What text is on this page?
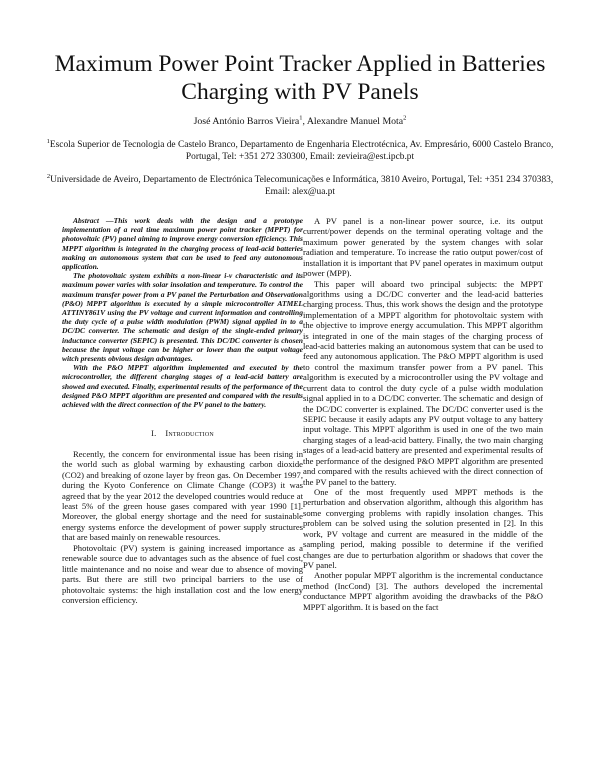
Maximum Power Point Tracker Applied in Batteries Charging with PV Panels
José António Barros Vieira$^1$, Alexandre Manuel Mota$^2$
$^1$Escola Superior de Tecnologia de Castelo Branco, Departamento de Engenharia Electrotécnica, Av. Empresário, 6000 Castelo Branco, Portugal, Tel: +351 272 330300, Email: zevieira@est.ipcb.pt
$^2$Universidade de Aveiro, Departamento de Electrónica Telecomunicações e Informática, 3810 Aveiro, Portugal, Tel: +351 234 370383, Email: alex@ua.pt

Abstract —This work deals with the design and a prototype implementation of a real time maximum power point tracker (MPPT) for photovoltaic (PV) panel aiming to improve energy conversion efficiency. This MPPT algorithm is integrated in the charging process of lead-acid batteries making an autonomous system that can be used to feed any autonomous application.

The photovoltaic system exhibits a non-linear i-v characteristic and its maximum power varies with solar insolation and temperature. To control the maximum transfer power from a PV panel the Perturbation and Observation (P&O) MPPT algorithm is executed by a simple microcontroller ATMEL ATTINY861V using the PV voltage and current information and controlling the duty cycle of a pulse width modulation (PWM) signal applied in to a DC/DC converter. The schematic and design of the single-ended primary inductance converter (SEPIC) is presented. This DC/DC converter is chosen because the input voltage can be higher or lower than the output voltage witch presents obvious design advantages.

With the P&O MPPT algorithm implemented and executed by the microcontroller, the different charging stages of a lead-acid battery are showed and executed. Finally, experimental results of the performance of the designed P&O MPPT algorithm are presented and compared with the results achieved with the direct connection of the PV panel to the battery.

I. Introduction

Recently, the concern for environmental issue has been rising in the world such as global warming by exhausting carbon dioxide (CO2) and breaking of ozone layer by freon gas. On December 1997, during the Kyoto Conference on Climate Change (COP3) it was agreed that by the year 2012 the developed countries would reduce at least 5% of the green house gases compared with year 1990 [1]. Moreover, the global energy shortage and the need for sustainable energy systems enforce the development of power supply structures that are based mainly on renewable resources.

Photovoltaic (PV) system is gaining increased importance as a renewable source due to advantages such as the absence of fuel cost, little maintenance and no noise and wear due to absence of moving parts. But there are still two principal barriers to the use of photovoltaic systems: the high installation cost and the low energy conversion efficiency.

A PV panel is a non-linear power source, i.e. its output current/power depends on the terminal operating voltage and the maximum power generated by the system changes with solar radiation and temperature. To increase the ratio output power/cost of installation it is important that PV panel operates in maximum output power (MPP).

This paper will aboard two principal subjects: the MPPT algorithms using a DC/DC converter and the lead-acid batteries charging process. Thus, this work shows the design and the prototype implementation of a MPPT algorithm for photovoltaic system with the objective to improve energy accumulation. This MPPT algorithm is integrated in one of the main stages of the charging process of lead-acid batteries making an autonomous system that can be used to feed any autonomous application. The P&O MPPT algorithm is used to control the maximum transfer power from a PV panel. This algorithm is executed by a microcontroller using the PV voltage and current data to control the duty cycle of a pulse width modulation signal applied in to a DC/DC converter. The schematic and design of the DC/DC converter is explained. The DC/DC converter used is the SEPIC because it easily adapts any PV output voltage to any battery input voltage. This MPPT algorithm is used in one of the two main charging stages of a lead-acid battery. Finally, the two main charging stages of a lead-acid battery are presented and experimental results of the performance of the designed P&O MPPT algorithm are presented and compared with the results achieved with the direct connection of the PV panel to the battery.

One of the most frequently used MPPT methods is the perturbation and observation algorithm, although this algorithm has some converging problems with rapidly insolation changes. This problem can be solved using the solution presented in [2]. In this work, PV voltage and current are measured in the middle of the sampling period, making possible to determine if the verified changes are due to perturbation algorithm or shadows that cover the PV panel.

Another popular MPPT algorithm is the incremental conductance method (IncCond) [3]. The authors developed the incremental conductance MPPT algorithm avoiding the drawbacks of the P&O MPPT algorithm. It is based on the fact
